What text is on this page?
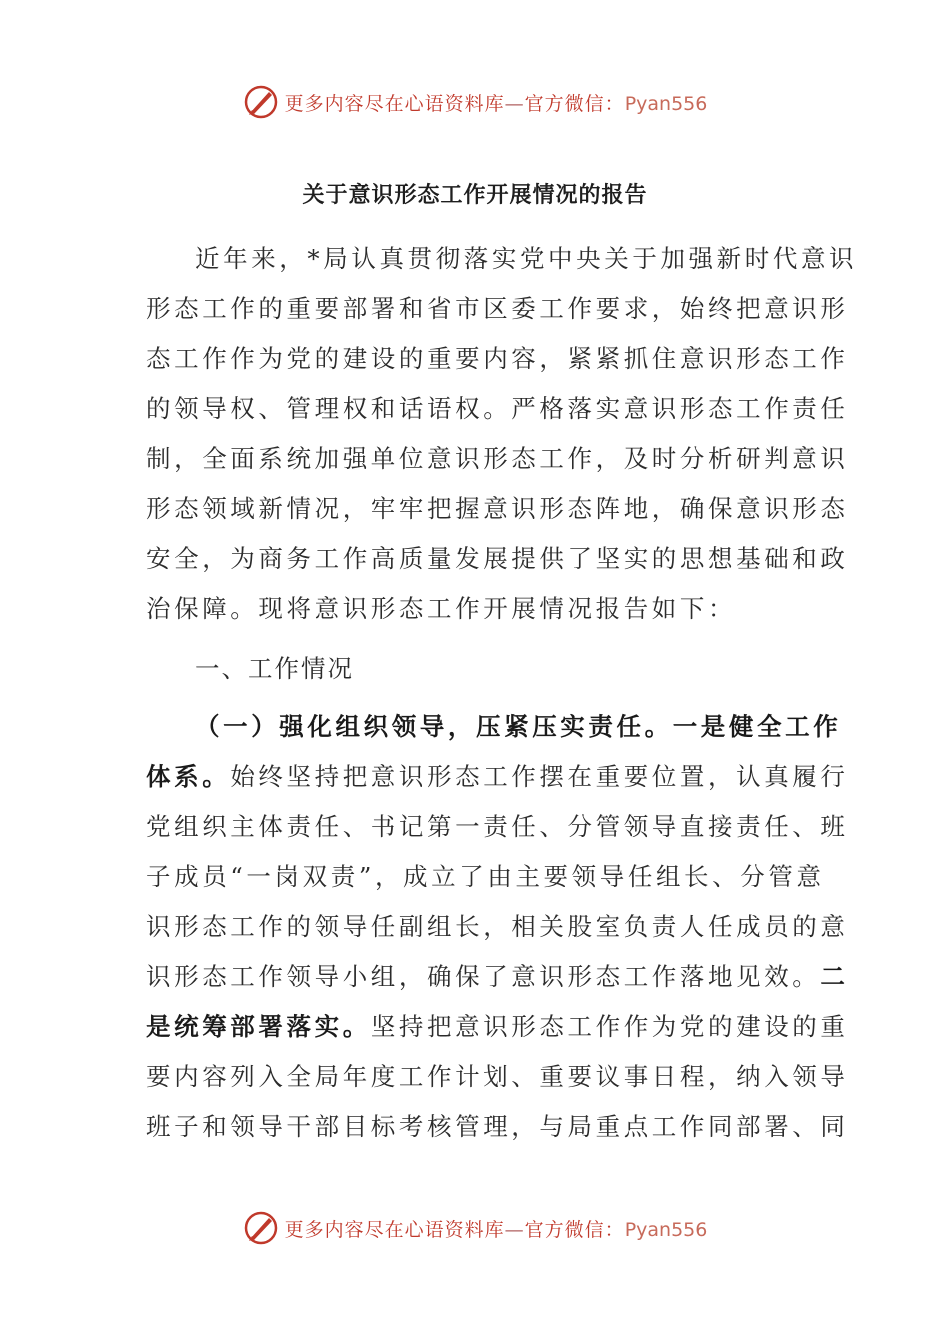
更多内容尽在心语资料库—官方微信：Pyan556
关于意识形态工作开展情况的报告
近年来，*局认真贯彻落实党中央关于加强新时代意识
形态工作的重要部署和省市区委工作要求，始终把意识形
态工作作为党的建设的重要内容，紧紧抓住意识形态工作
的领导权、管理权和话语权。严格落实意识形态工作责任
制，全面系统加强单位意识形态工作，及时分析研判意识
形态领域新情况，牢牢把握意识形态阵地，确保意识形态
安全，为商务工作高质量发展提供了坚实的思想基础和政
治保障。现将意识形态工作开展情况报告如下：
一、工作情况
（一）强化组织领导，压紧压实责任。一是健全工作
体系。始终坚持把意识形态工作摆在重要位置，认真履行
党组织主体责任、书记第一责任、分管领导直接责任、班
子成员“一岗双责”，成立了由主要领导任组长、分管意
识形态工作的领导任副组长，相关股室负责人任成员的意
识形态工作领导小组，确保了意识形态工作落地见效。二
是统筹部署落实。坚持把意识形态工作作为党的建设的重
要内容列入全局年度工作计划、重要议事日程，纳入领导
班子和领导干部目标考核管理，与局重点工作同部署、同
更多内容尽在心语资料库—官方微信：Pyan556
